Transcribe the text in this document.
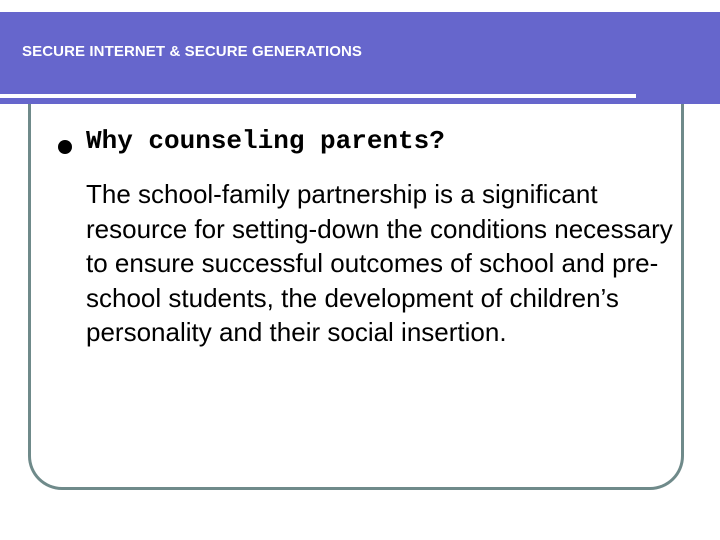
SECURE INTERNET & SECURE GENERATIONS
Why counseling parents?
The school-family partnership is a significant resource for setting-down the conditions necessary to ensure successful outcomes of school and pre-school students, the development of children’s personality and their social insertion.
